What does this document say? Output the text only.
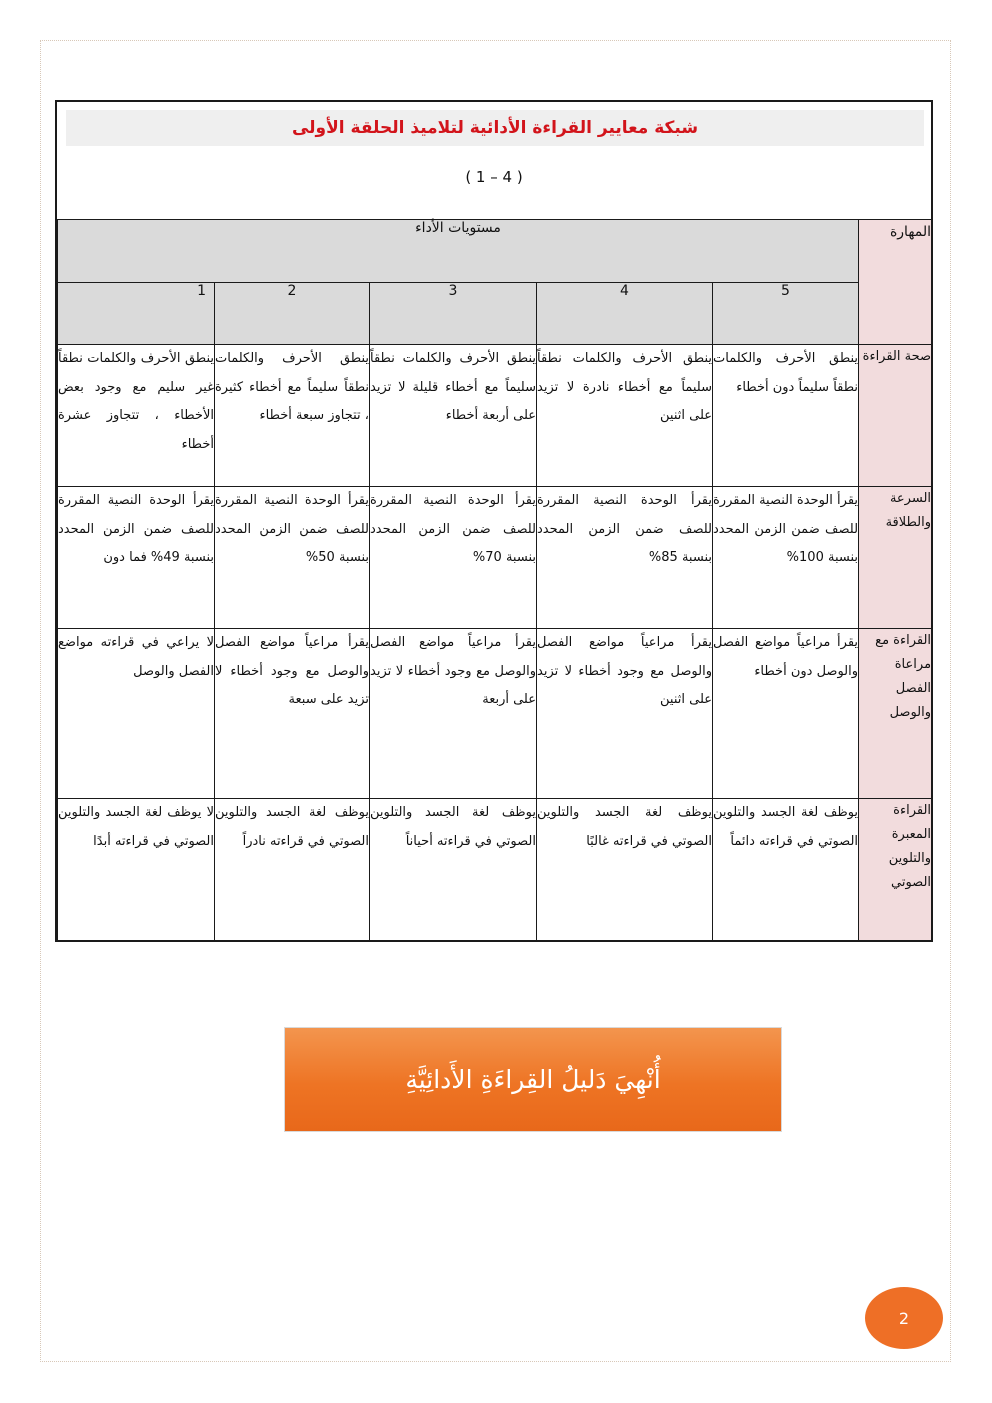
شبكة معايير القراءة الأدائية لتلاميذ الحلقة الأولى
( 1 – 4 )
مستويات الأداء					المهارة
1	2	3	4	5	
ينطق الأحرف والكلمات نطقاً غير سليم مع وجود بعض الأخطاء ، تتجاوز عشرة أخطاء	ينطق الأحرف والكلمات نطقاً سليماً مع أخطاء كثيرة ، تتجاوز سبعة أخطاء	ينطق الأحرف والكلمات نطقاً سليماً مع أخطاء قليلة لا تزيد على أربعة أخطاء	ينطق الأحرف والكلمات نطقاً سليماً مع أخطاء نادرة لا تزيد على اثنين	ينطق الأحرف والكلمات نطقاً سليماً دون أخطاء	صحة القراءة
يقرأ الوحدة النصية المقررة للصف ضمن الزمن المحدد بنسبة 49% فما دون	يقرأ الوحدة النصية المقررة للصف ضمن الزمن المحدد بنسبة 50%	يقرأ الوحدة النصية المقررة للصف ضمن الزمن المحدد بنسبة 70%	يقرأ الوحدة النصية المقررة للصف ضمن الزمن المحدد بنسبة 85%	يقرأ الوحدة النصية المقررة للصف ضمن الزمن المحدد بنسبة 100%	السرعة والطلاقة
لا يراعي في قراءته مواضع الفصل والوصل	يقرأ مراعياً مواضع الفصل والوصل مع وجود أخطاء لا تزيد على سبعة	يقرأ مراعياً مواضع الفصل والوصل مع وجود أخطاء لا تزيد على أربعة	يقرأ مراعياً مواضع الفصل والوصل مع وجود أخطاء لا تزيد على اثنين	يقرأ مراعياً مواضع الفصل والوصل دون أخطاء	القراءة مع مراعاة الفصل والوصل
لا يوظف لغة الجسد والتلوين الصوتي في قراءته أبدًا	يوظف لغة الجسد والتلوين الصوتي في قراءته نادراً	يوظف لغة الجسد والتلوين الصوتي في قراءته أحياناً	يوظف لغة الجسد والتلوين الصوتي في قراءته غالبًا	يوظف لغة الجسد والتلوين الصوتي في قراءته دائماً	القراءة المعبرة والتلوين الصوتي
أُنْهِيَ دَليلُ القِراءَةِ الأَدائِيَّةِ
2
